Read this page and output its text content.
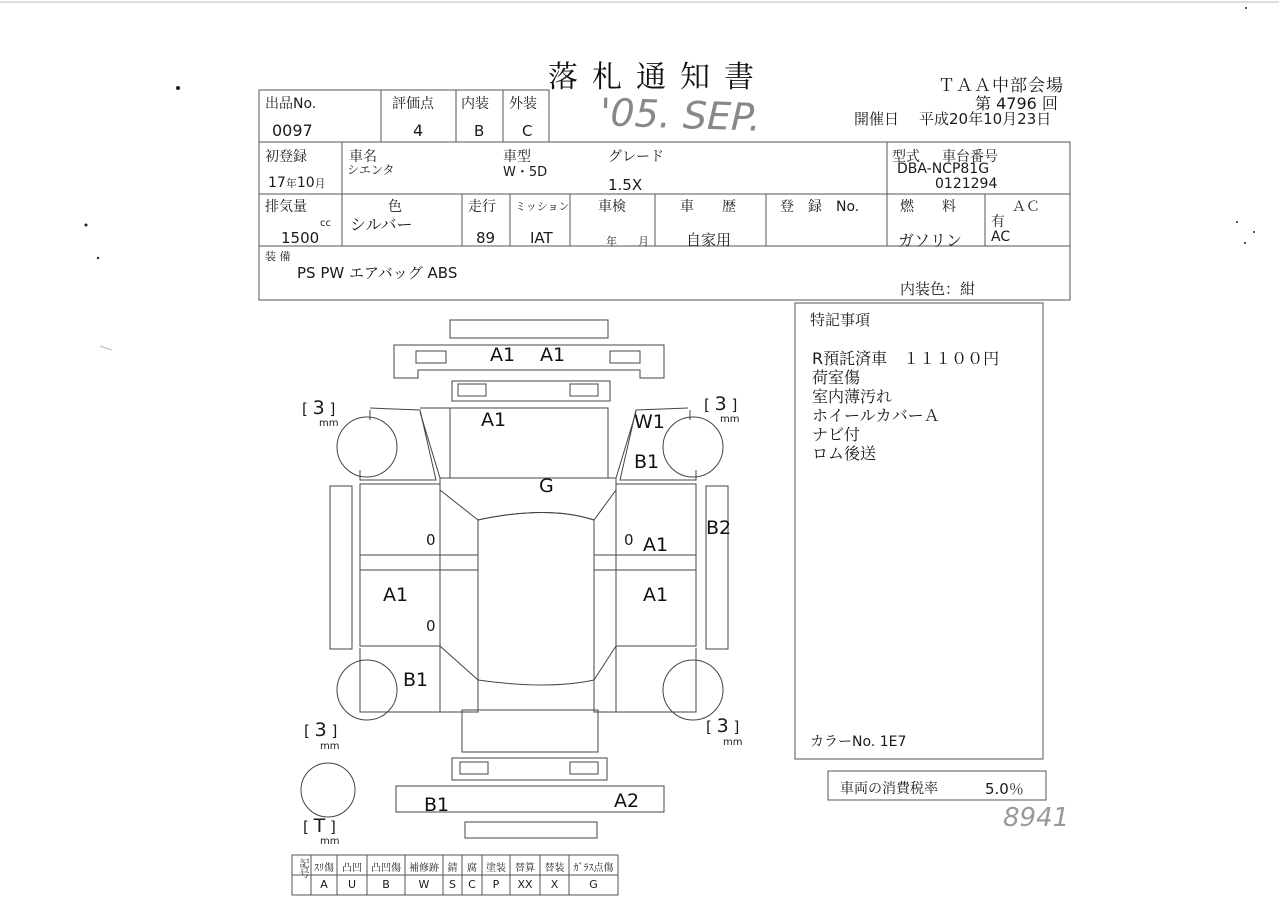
落札通知書	ＴＡＡ中部会場
第 4796 回
開催日 平成20年10月23日
'05. SEP.
出品No.
0097
評価点
4
内装
B
外装
C
初登録
17年10月
車名
シエンタ
車型
W・5D
グレード
1.5X
型式 車台番号
DBA-NCP81G
0121294
排気量
cc
1500
色
シルバー
走行
89
ミッション
IAT
車検
年 月
車　　歴
自家用
登　録　No.	燃　　料
ガソリン
ＡＣ
有
AC
装 備
PS PW エアバッグ ABS
内装色：紺
A1 A1
A1	W1
B1
G
B2
A1
A1	A1
B1
B1	A2
0	0
0
[ 3 ]
mm
[ 3 ]
mm
[ 3 ]
mm
[ 3 ]
mm
[ T ]
mm
記号 ｽﾘ傷 凸凹 凸凹傷 補修跡 錆 腐 塗装 替算 替装 ｶﾞﾗｽ点傷
A	U	B	W	S	C	P	XX	X	G
特記事項
R預託済車　１１１００円
荷室傷
室内薄汚れ
ホイールカバーＡ
ナビ付
ロム後送
カラーNo. 1E7
車両の消費税率	5.0％
8941
